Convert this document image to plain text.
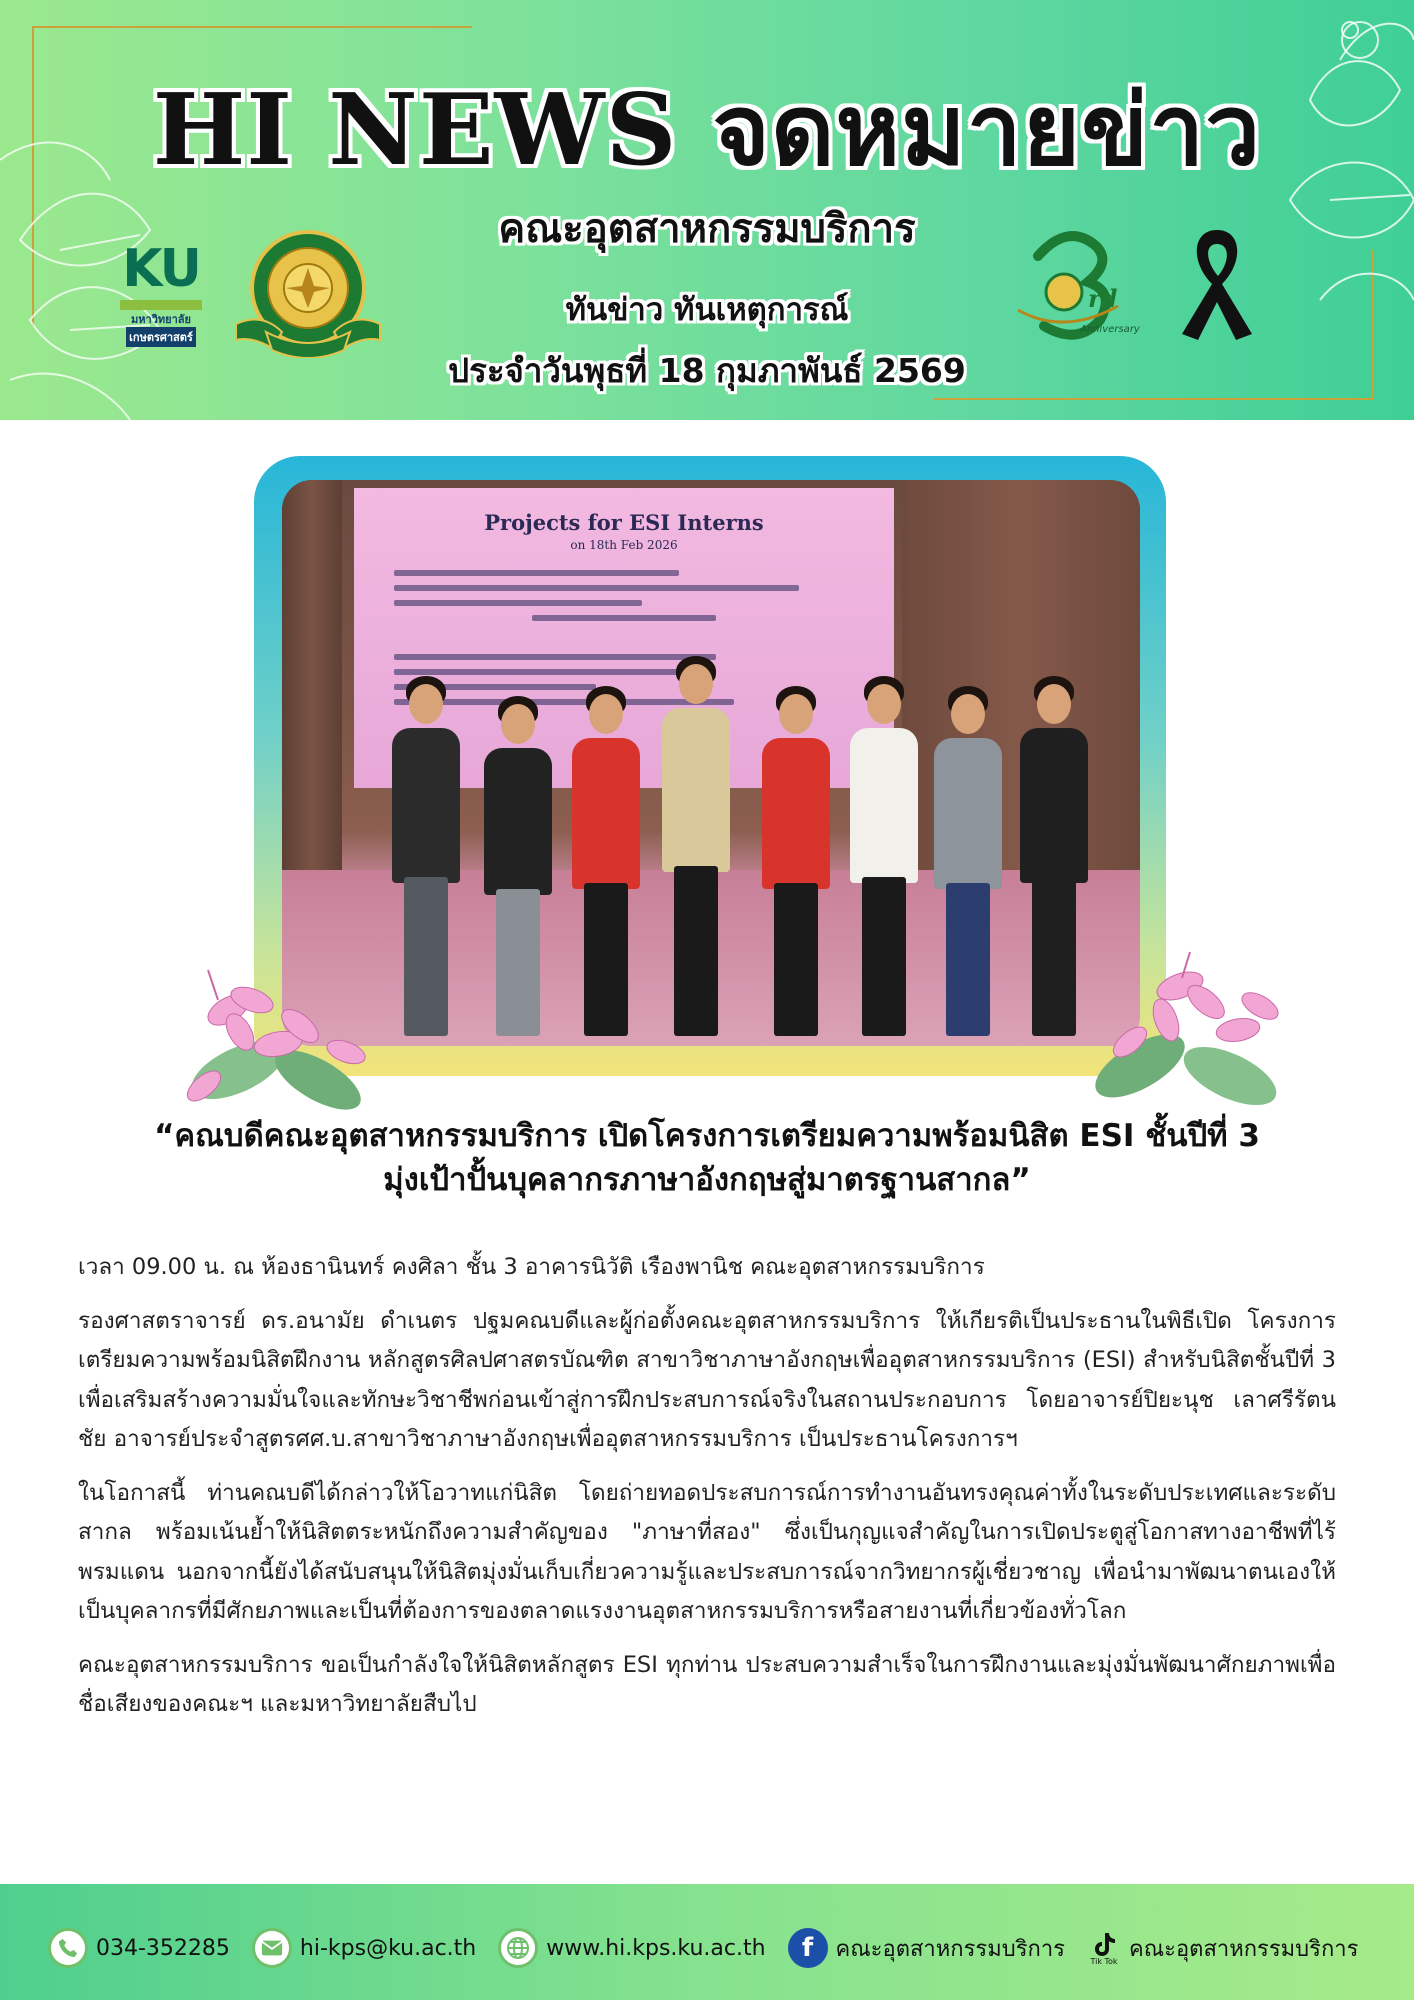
HI NEWS จดหมายข่าว
คณะอุตสาหกรรมบริการ
ทันข่าว ทันเหตุการณ์
ประจำวันพุธที่ 18 กุมภาพันธ์ 2569
KU
มหาวิทยาลัย
เกษตรศาสตร์
rd
Anniversary
Projects for ESI Interns
on 18th Feb 2026
“คณบดีคณะอุตสาหกรรมบริการ เปิดโครงการเตรียมความพร้อมนิสิต ESI ชั้นปีที่ 3
มุ่งเป้าปั้นบุคลากรภาษาอังกฤษสู่มาตรฐานสากล”

เวลา 09.00 น. ณ ห้องธานินทร์ คงศิลา ชั้น 3 อาคารนิวัติ เรืองพานิช คณะอุตสาหกรรมบริการ

รองศาสตราจารย์ ดร.อนามัย ดำเนตร ปฐมคณบดีและผู้ก่อตั้งคณะอุตสาหกรรมบริการ ให้เกียรติเป็นประธานในพิธีเปิด โครงการเตรียมความพร้อมนิสิตฝึกงาน หลักสูตรศิลปศาสตรบัณฑิต สาขาวิชาภาษาอังกฤษเพื่ออุตสาหกรรมบริการ (ESI) สำหรับนิสิตชั้นปีที่ 3 เพื่อเสริมสร้างความมั่นใจและทักษะวิชาชีพก่อนเข้าสู่การฝึกประสบการณ์จริงในสถานประกอบการ โดยอาจารย์ปิยะนุช เลาศรีรัตนชัย อาจารย์ประจำสูตรศศ.บ.สาขาวิชาภาษาอังกฤษเพื่ออุตสาหกรรมบริการ เป็นประธานโครงการฯ

ในโอกาสนี้ ท่านคณบดีได้กล่าวให้โอวาทแก่นิสิต โดยถ่ายทอดประสบการณ์การทำงานอันทรงคุณค่าทั้งในระดับประเทศและระดับสากล พร้อมเน้นย้ำให้นิสิตตระหนักถึงความสำคัญของ "ภาษาที่สอง" ซึ่งเป็นกุญแจสำคัญในการเปิดประตูสู่โอกาสทางอาชีพที่ไร้พรมแดน นอกจากนี้ยังได้สนับสนุนให้นิสิตมุ่งมั่นเก็บเกี่ยวความรู้และประสบการณ์จากวิทยากรผู้เชี่ยวชาญ เพื่อนำมาพัฒนาตนเองให้เป็นบุคลากรที่มีศักยภาพและเป็นที่ต้องการของตลาดแรงงานอุตสาหกรรมบริการหรือสายงานที่เกี่ยวข้องทั่วโลก

คณะอุตสาหกรรมบริการ ขอเป็นกำลังใจให้นิสิตหลักสูตร ESI ทุกท่าน ประสบความสำเร็จในการฝึกงานและมุ่งมั่นพัฒนาศักยภาพเพื่อชื่อเสียงของคณะฯ และมหาวิทยาลัยสืบไป

034-352285	hi-kps@ku.ac.th	www.hi.kps.ku.ac.th f คณะอุตสาหกรรมบริการ	Tik Tok คณะอุตสาหกรรมบริการ
